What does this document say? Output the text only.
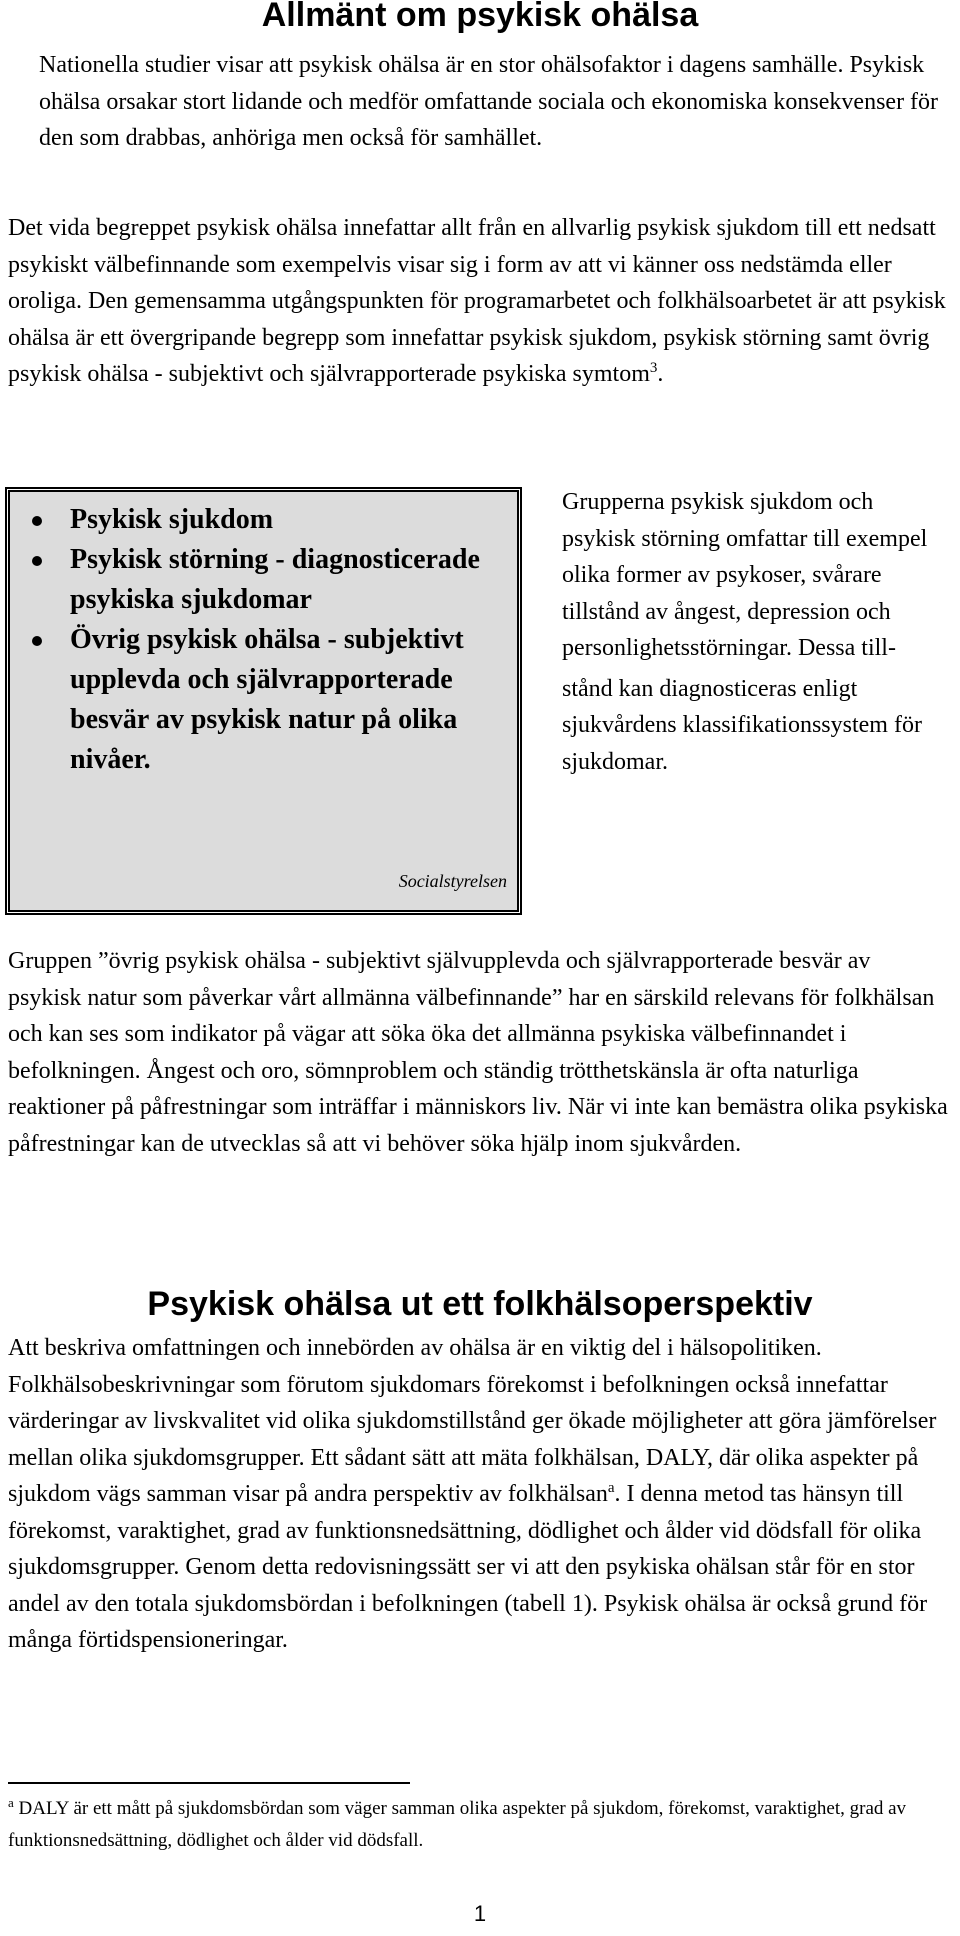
Allmänt om psykisk ohälsa

Nationella studier visar att psykisk ohälsa är en stor ohälsofaktor i dagens samhälle. Psykisk ohälsa orsakar stort lidande och medför omfattande sociala och ekonomiska konsekvenser för den som drabbas, anhöriga men också för samhället.

Det vida begreppet psykisk ohälsa innefattar allt från en allvarlig psykisk sjukdom till ett nedsatt psykiskt välbefinnande som exempelvis visar sig i form av att vi känner oss nedstämda eller oroliga. Den gemensamma utgångspunkten för programarbetet och folkhälsoarbetet är att psykisk ohälsa är ett övergripande begrepp som innefattar psykisk sjukdom, psykisk störning samt övrig psykisk ohälsa - subjektivt och självrapporterade psykiska symtom$^3$.

Psykisk sjukdom
Psykisk störning - diagnosticerade psykiska sjukdomar
Övrig psykisk ohälsa - subjektivt upplevda och självrapporterade besvär av psykisk natur på olika nivåer.
Socialstyrelsen

Grupperna psykisk sjukdom och psykisk störning omfattar till exempel olika former av psykoser, svårare tillstånd av ångest, depression och personlighetsstörningar. Dessa till-

stånd kan diagnosticeras enligt sjukvårdens klassifikationssystem för sjukdomar.

Gruppen ”övrig psykisk ohälsa - subjektivt självupplevda och självrapporterade besvär av psykisk natur som påverkar vårt allmänna välbefinnande” har en särskild relevans för folkhälsan och kan ses som indikator på vägar att söka öka det allmänna psykiska välbefinnandet i befolkningen. Ångest och oro, sömnproblem och ständig trötthetskänsla är ofta naturliga reaktioner på påfrestningar som inträffar i människors liv. När vi inte kan bemästra olika psykiska påfrestningar kan de utvecklas så att vi behöver söka hjälp inom sjukvården.

Psykisk ohälsa ut ett folkhälsoperspektiv

Att beskriva omfattningen och innebörden av ohälsa är en viktig del i hälsopolitiken. Folkhälsobeskrivningar som förutom sjukdomars förekomst i befolkningen också innefattar värderingar av livskvalitet vid olika sjukdomstillstånd ger ökade möjligheter att göra jämförelser mellan olika sjukdomsgrupper. Ett sådant sätt att mäta folkhälsan, DALY, där olika aspekter på sjukdom vägs samman visar på andra perspektiv av folkhälsan$^a$. I denna metod tas hänsyn till förekomst, varaktighet, grad av funktionsnedsättning, dödlighet och ålder vid dödsfall för olika sjukdomsgrupper. Genom detta redovisningssätt ser vi att den psykiska ohälsan står för en stor andel av den totala sjukdomsbördan i befolkningen (tabell 1). Psykisk ohälsa är också grund för många förtidspensioneringar.

$^a$ DALY är ett mått på sjukdomsbördan som väger samman olika aspekter på sjukdom, förekomst, varaktighet, grad av funktionsnedsättning, dödlighet och ålder vid dödsfall.

1
